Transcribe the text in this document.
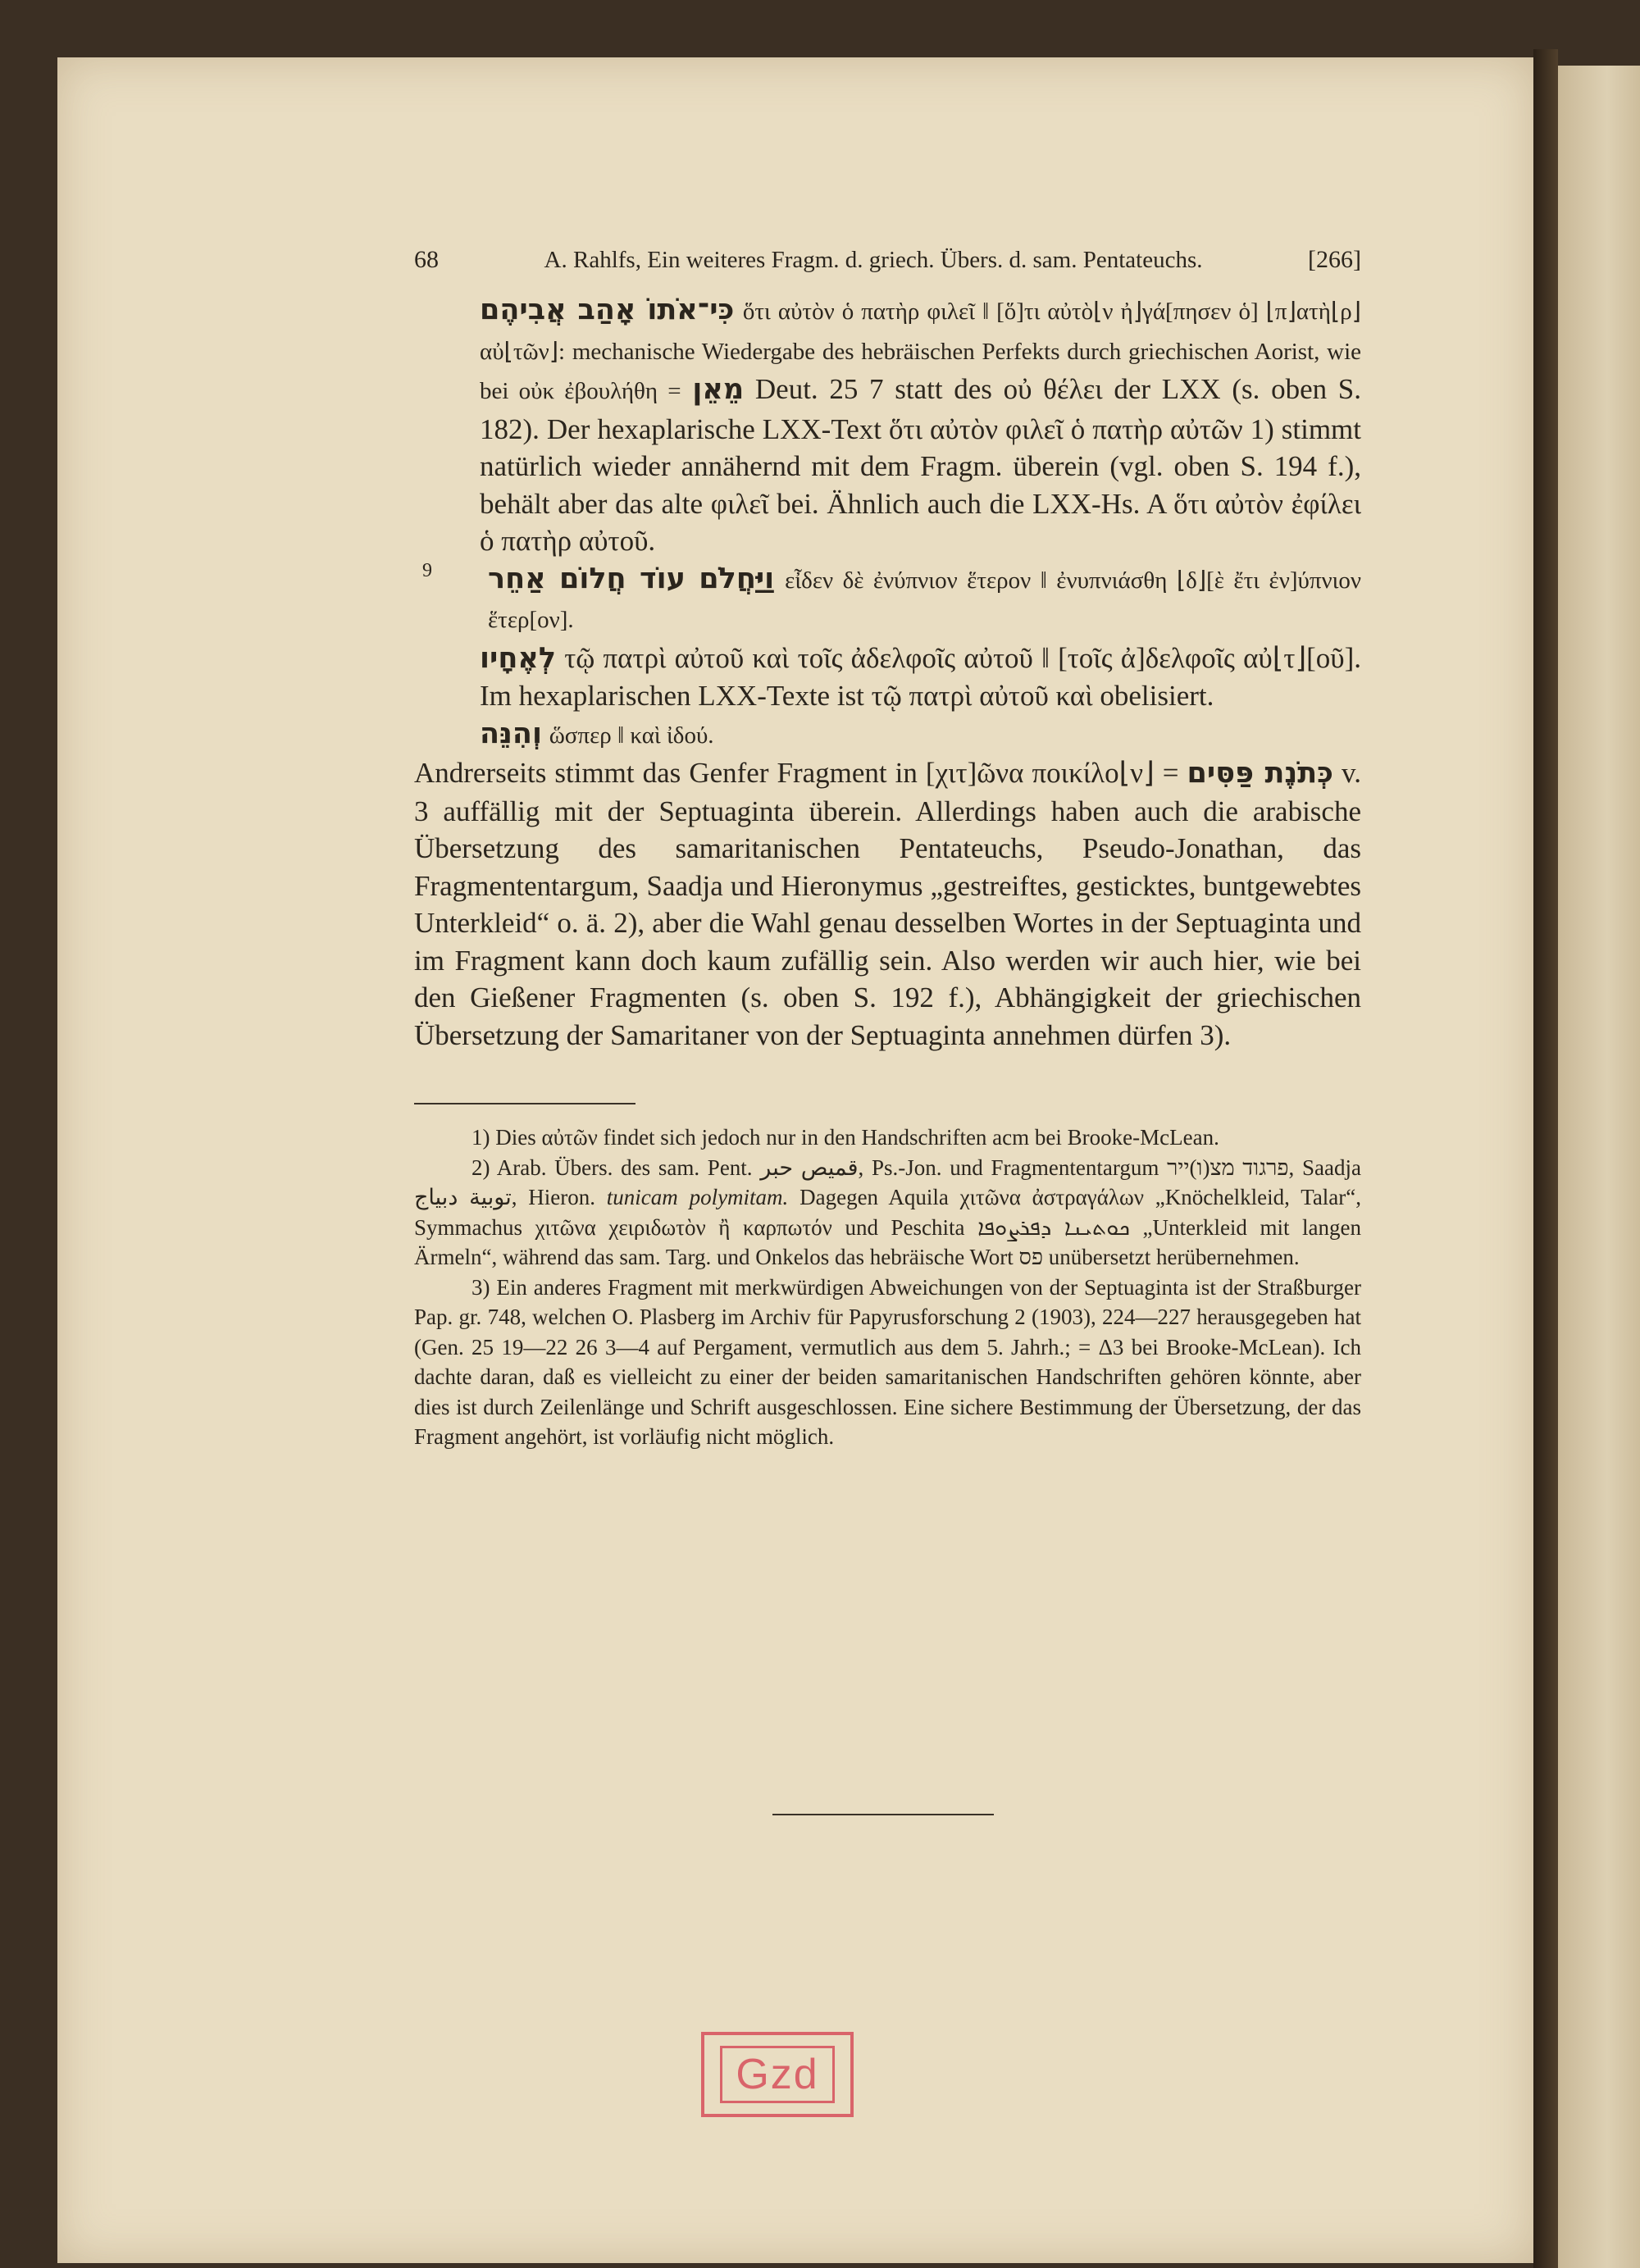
68	A. Rahlfs, Ein weiteres Fragm. d. griech. Übers. d. sam. Pentateuchs.	[266]

כִּי־אֹתוֹ אָהַב אֲבִיהֶם ὅτι αὐτὸν ὁ πατὴρ φιλεῖ ‖ [ὅ]τι αὐτὸ⌊ν ἠ⌋γά[πησεν ὁ] ⌊π⌋ατὴ⌊ρ⌋ αὐ⌊τῶν⌋: mechanische Wiedergabe des hebräischen Perfekts durch griechischen Aorist, wie bei οὐκ ἐβουλήθη = מֵאֵן Deut. 25 7 statt des οὐ θέλει der LXX (s. oben S. 182). Der hexaplarische LXX-Text ὅτι αὐτὸν φιλεῖ ὁ πατὴρ αὐτῶν 1) stimmt natürlich wieder annähernd mit dem Fragm. überein (vgl. oben S. 194 f.), behält aber das alte φιλεῖ bei. Ähnlich auch die LXX-Hs. A ὅτι αὐτὸν ἐφίλει ὁ πατὴρ αὐτοῦ.

9	וַיַּחֲלֹם עוֹד חֲלוֹם אַחֵר εἶδεν δὲ ἐνύπνιον ἕτερον ‖ ἐνυπνιάσθη ⌊δ⌋[ὲ ἔτι ἐν]ύπνιον ἕτερ[ον].

לְאֶחָיו τῷ πατρὶ αὐτοῦ καὶ τοῖς ἀδελφοῖς αὐτοῦ ‖ [τοῖς ἀ]δελφοῖς αὐ⌊τ⌋[οῦ]. Im hexaplarischen LXX-Texte ist τῷ πατρὶ αὐτοῦ καὶ obelisiert.

וְהִנֵּה ὥσπερ ‖ καὶ ἰδού.

Andrerseits stimmt das Genfer Fragment in [χιτ]ῶνα ποικίλο⌊ν⌋ = כְּתֹנֶת פַּסִּים v. 3 auffällig mit der Septuaginta überein. Allerdings haben auch die arabische Übersetzung des samaritanischen Pentateuchs, Pseudo-Jonathan, das Fragmententargum, Saadja und Hieronymus „gestreiftes, gesticktes, buntgewebtes Unterkleid“ o. ä. 2), aber die Wahl genau desselben Wortes in der Septuaginta und im Fragment kann doch kaum zufällig sein. Also werden wir auch hier, wie bei den Gießener Fragmenten (s. oben S. 192 f.), Abhängigkeit der griechischen Übersetzung der Samaritaner von der Septuaginta annehmen dürfen 3).

1) Dies αὐτῶν findet sich jedoch nur in den Handschriften acm bei Brooke-McLean.

2) Arab. Übers. des sam. Pent. قميص حبر, Ps.-Jon. und Fragmententargum פרגוד מצ(ו)ייר, Saadja توبية دبياج, Hieron. tunicam polymitam. Dagegen Aquila χιτῶνα ἀστραγάλων „Knöchelkleid, Talar“, Symmachus χιτῶνα χειριδωτὸν ἢ καρπωτόν und Peschita ܟܘܬܝܢܐ ܕܦܪܨܘܦܐ „Unterkleid mit langen Ärmeln“, während das sam. Targ. und Onkelos das hebräische Wort פס unübersetzt herübernehmen.

3) Ein anderes Fragment mit merkwürdigen Abweichungen von der Septuaginta ist der Straßburger Pap. gr. 748, welchen O. Plasberg im Archiv für Papyrusforschung 2 (1903), 224—227 herausgegeben hat (Gen. 25 19—22 26 3—4 auf Pergament, vermutlich aus dem 5. Jahrh.; = Δ3 bei Brooke-McLean). Ich dachte daran, daß es vielleicht zu einer der beiden samaritanischen Handschriften gehören könnte, aber dies ist durch Zeilenlänge und Schrift ausgeschlossen. Eine sichere Bestimmung der Übersetzung, der das Fragment angehört, ist vorläufig nicht möglich.

Gzd
